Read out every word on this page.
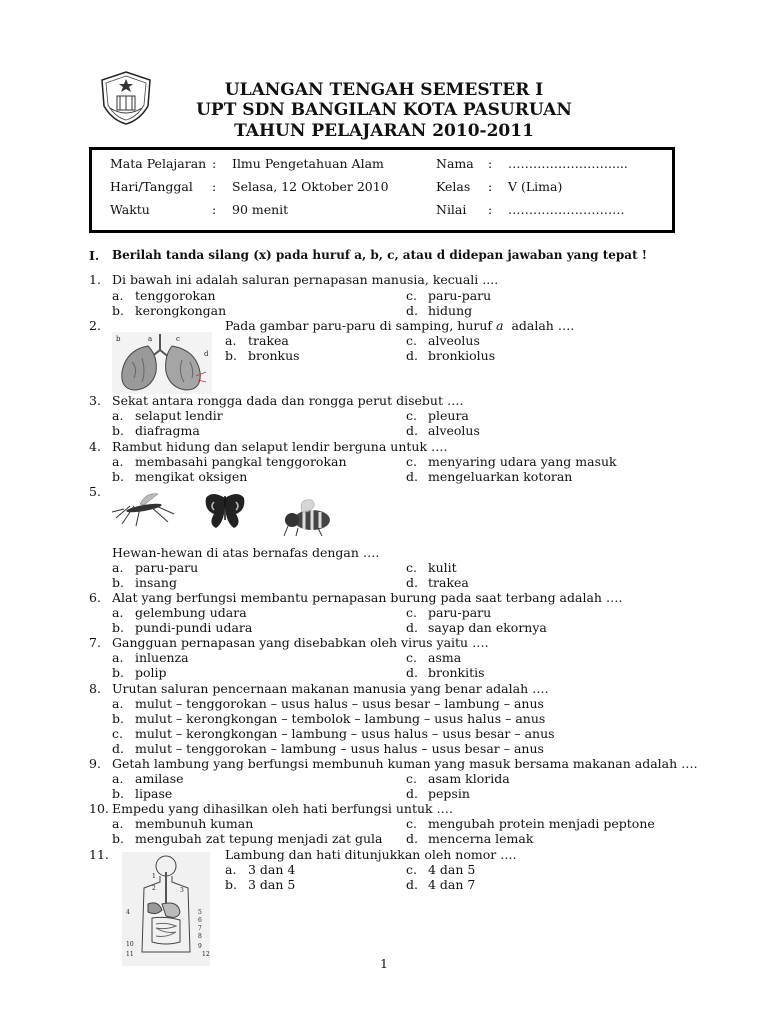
ULANGAN TENGAH SEMESTER I
UPT SDN BANGILAN KOTA PASURUAN
TAHUN PELAJARAN 2010-2011
Mata Pelajaran : Ilmu Pengetahuan Alam
Hari/Tanggal : Selasa, 12 Oktober 2010
Waktu	: 90 menit
Nama : …………………….....
Kelas : V (Lima)
Nilai : ……………………….
I. Berilah tanda silang (x) pada huruf a, b, c, atau d didepan jawaban yang tepat !
1. Di bawah ini adalah saluran pernapasan manusia, kecuali ....
a. tenggorokan
b. kerongkongan
c. paru-paru
d. hidung
2.	Pada gambar paru-paru di samping, huruf a adalah ….
a. trakea
b. bronkus
c. alveolus
d. bronkiolus
b	a	c
d
3. Sekat antara rongga dada dan rongga perut disebut ….
a. selaput lendir
b. diafragma
c. pleura
d. alveolus
4. Rambut hidung dan selaput lendir berguna untuk ….
a. membasahi pangkal tenggorokan
b. mengikat oksigen
c. menyaring udara yang masuk
d. mengeluarkan kotoran
5.
Hewan-hewan di atas bernafas dengan ….
a. paru-paru
b. insang
c. kulit
d. trakea
6. Alat yang berfungsi membantu pernapasan burung pada saat terbang adalah ….
a. gelembung udara
b. pundi-pundi udara
c. paru-paru
d. sayap dan ekornya
7. Gangguan pernapasan yang disebabkan oleh virus yaitu ….
a. inluenza
b. polip
c. asma
d. bronkitis
8. Urutan saluran pencernaan makanan manusia yang benar adalah ….
a. mulut – tenggorokan – usus halus – usus besar – lambung – anus
b. mulut – kerongkongan – tembolok – lambung – usus halus – anus
c. mulut – kerongkongan – lambung – usus halus – usus besar – anus
d. mulut – tenggorokan – lambung – usus halus – usus besar – anus
9. Getah lambung yang berfungsi membunuh kuman yang masuk bersama makanan adalah ….
a. amilase
b. lipase
c. asam klorida
d. pepsin
10. Empedu yang dihasilkan oleh hati berfungsi untuk ….
a. membunuh kuman
b. mengubah zat tepung menjadi zat gula
c. mengubah protein menjadi peptone
d. mencerna lemak
11.	Lambung dan hati ditunjukkan oleh nomor ….
a. 3 dan 4
b. 3 dan 5
c. 4 dan 5
d. 4 dan 7
4	5
6
7
8
9
10
11	12
1
2	3
1
